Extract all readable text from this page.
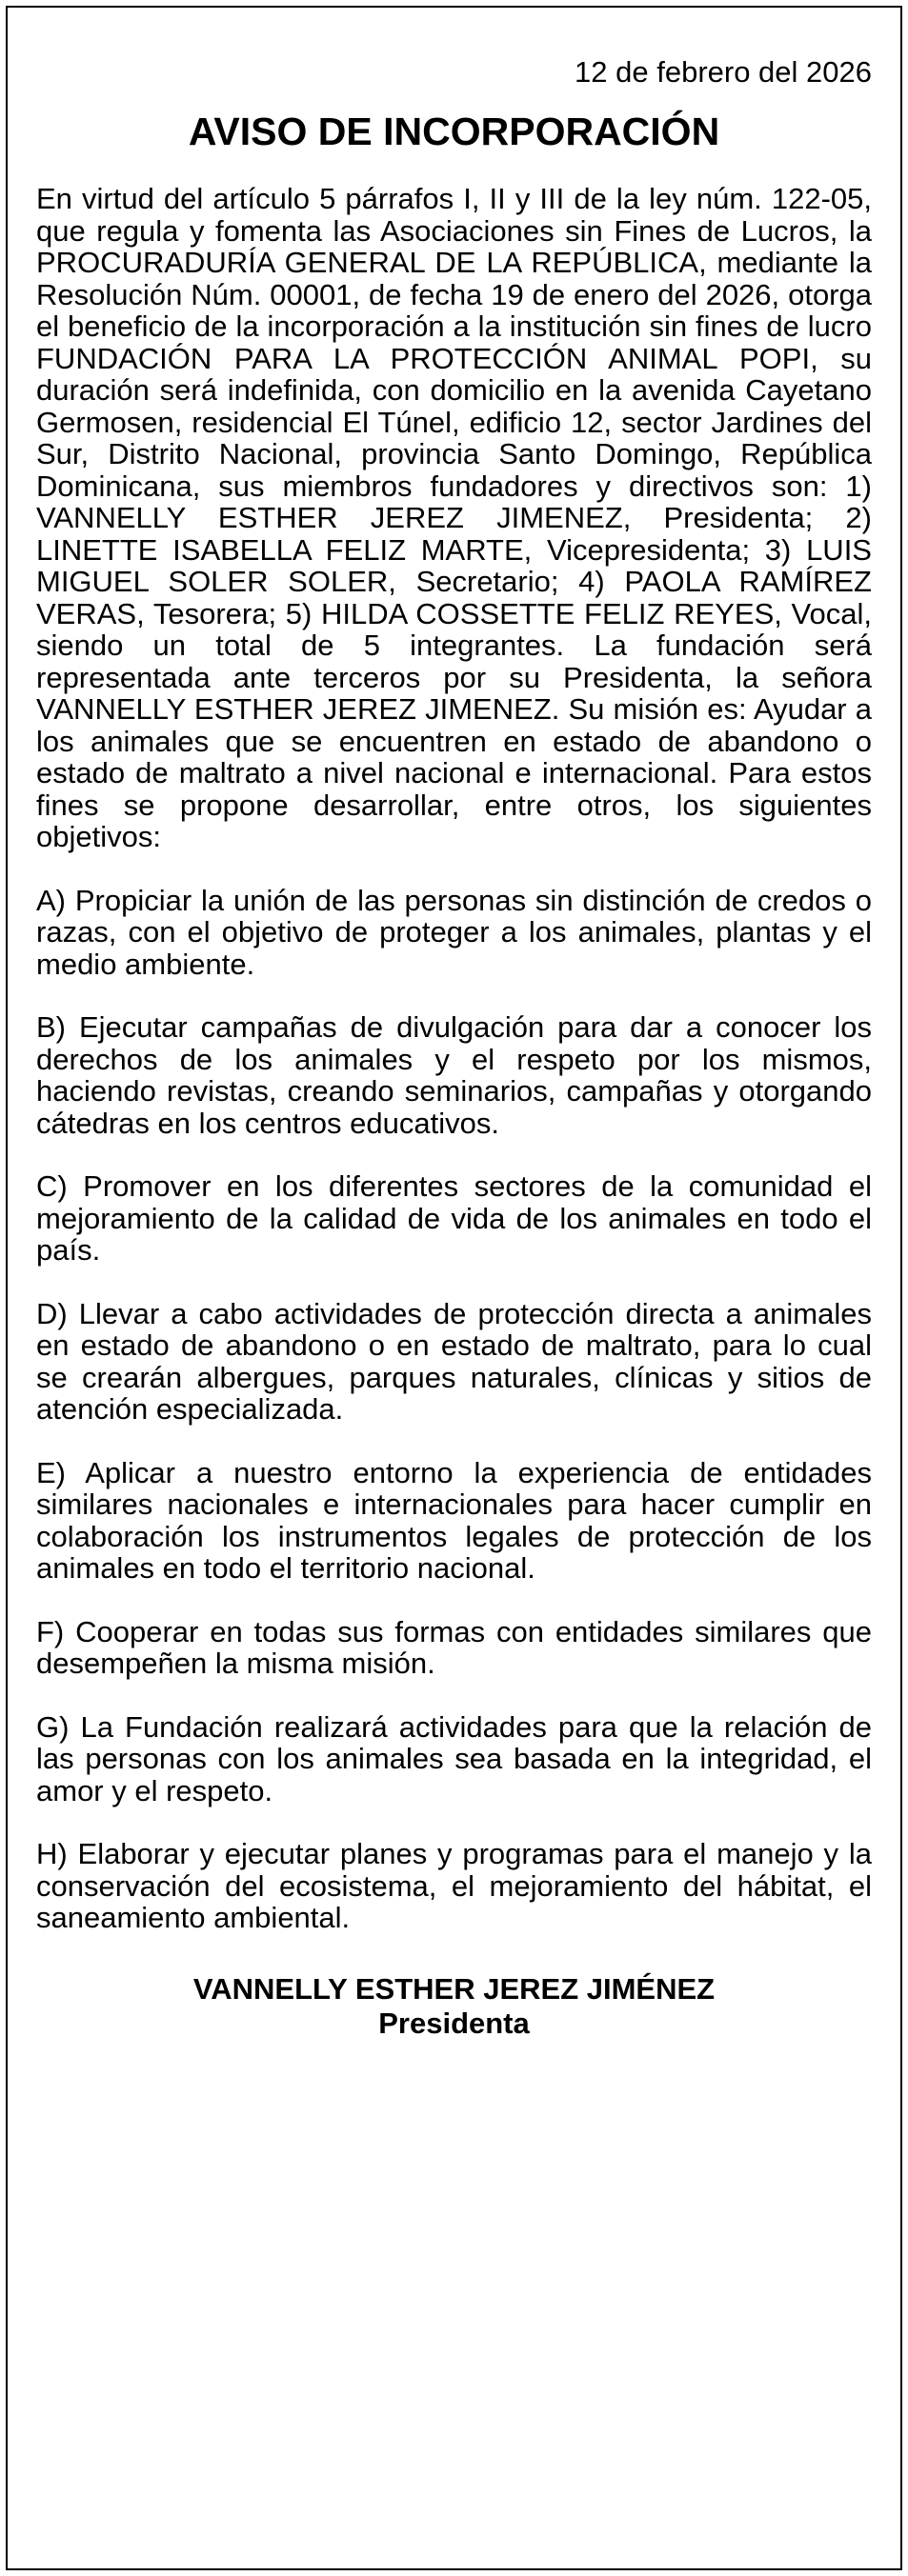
12 de febrero del 2026
AVISO DE INCORPORACIÓN

En virtud del artículo 5 párrafos I, II y III de la ley núm. 122-05, que regula y fomenta las Asociaciones sin Fines de Lucros, la PROCURADURÍA GENERAL DE LA REPÚBLICA, mediante la Resolución Núm. 00001, de fecha 19 de enero del 2026, otorga el beneficio de la incorporación a la institución sin fines de lucro FUNDACIÓN PARA LA PROTECCIÓN ANIMAL POPI, su duración será indefinida, con domicilio en la avenida Cayetano Germosen, residencial El Túnel, edificio 12, sector Jardines del Sur, Distrito Nacional, provincia Santo Domingo, República Dominicana, sus miembros fundadores y directivos son: 1) VANNELLY ESTHER JEREZ JIMENEZ, Presidenta; 2) LINETTE ISABELLA FELIZ MARTE, Vicepresidenta; 3) LUIS MIGUEL SOLER SOLER, Secretario; 4) PAOLA RAMÍREZ VERAS, Tesorera; 5) HILDA COSSETTE FELIZ REYES, Vocal, siendo un total de 5 integrantes. La fundación será representada ante terceros por su Presidenta, la señora VANNELLY ESTHER JEREZ JIMENEZ. Su misión es: Ayudar a los animales que se encuentren en estado de abandono o estado de maltrato a nivel nacional e internacional. Para estos fines se propone desarrollar, entre otros, los siguientes objetivos:

A) Propiciar la unión de las personas sin distinción de credos o razas, con el objetivo de proteger a los animales, plantas y el medio ambiente.

B) Ejecutar campañas de divulgación para dar a conocer los derechos de los animales y el respeto por los mismos, haciendo revistas, creando seminarios, campañas y otorgando cátedras en los centros educativos.

C) Promover en los diferentes sectores de la comunidad el mejoramiento de la calidad de vida de los animales en todo el país.

D) Llevar a cabo actividades de protección directa a animales en estado de abandono o en estado de maltrato, para lo cual se crearán albergues, parques naturales, clínicas y sitios de atención especializada.

E) Aplicar a nuestro entorno la experiencia de entidades similares nacionales e internacionales para hacer cumplir en colaboración los instrumentos legales de protección de los animales en todo el territorio nacional.

F) Cooperar en todas sus formas con entidades similares que desempeñen la misma misión.

G) La Fundación realizará actividades para que la relación de las personas con los animales sea basada en la integridad, el amor y el respeto.

H) Elaborar y ejecutar planes y programas para el manejo y la conservación del ecosistema, el mejoramiento del hábitat, el saneamiento ambiental.

VANNELLY ESTHER JEREZ JIMÉNEZ
Presidenta
